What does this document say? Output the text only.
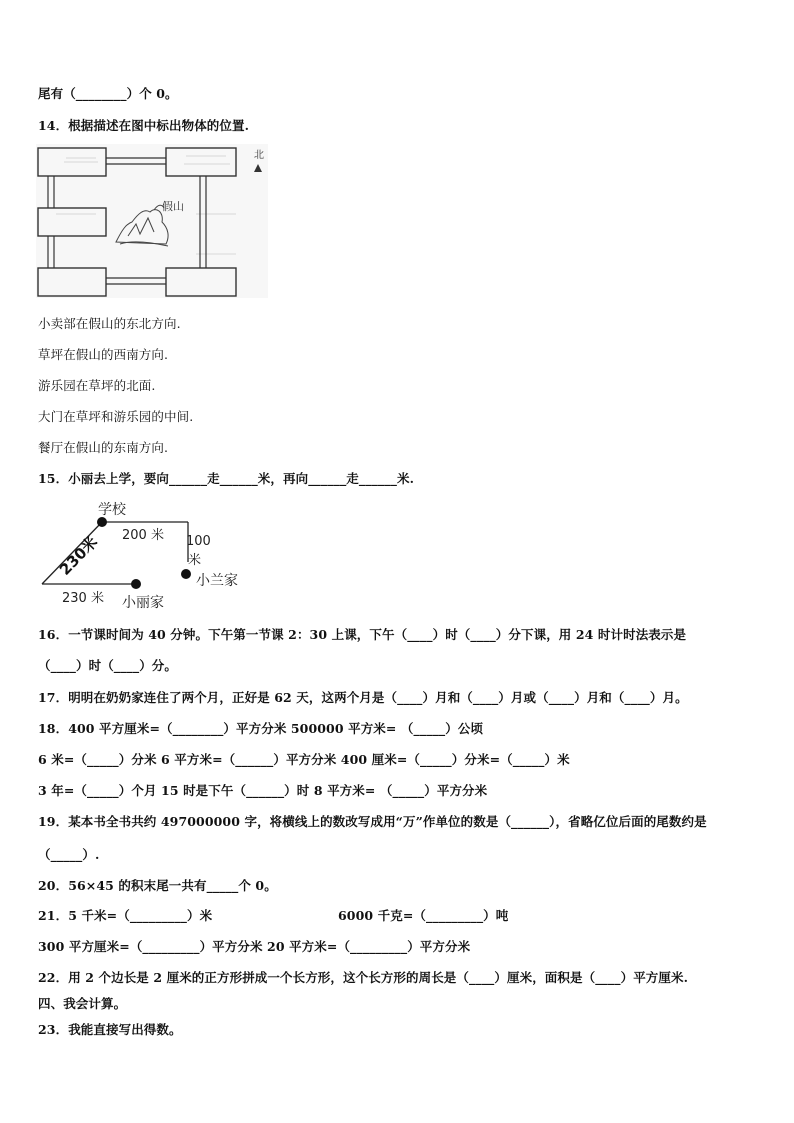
尾有（________）个 0。
14．根据描述在图中标出物体的位置.
假山
北
小卖部在假山的东北方向.
草坪在假山的西南方向.
游乐园在草坪的北面.
大门在草坪和游乐园的中间.
餐厅在假山的东南方向.
15．小丽去上学，要向______走______米，再向______走______米.
学校
200 米 100
米
230米
230 米
小兰家
小丽家
16．一节课时间为 40 分钟。下午第一节课 2：30 上课，下午（____）时（____）分下课，用 24 时计时法表示是
（____）时（____）分。
17．明明在奶奶家连住了两个月，正好是 62 天，这两个月是（____）月和（____）月或（____）月和（____）月。
18．400 平方厘米=（________）平方分米 500000 平方米= （_____）公顷
6 米=（_____）分米 6 平方米=（______）平方分米 400 厘米=（_____）分米=（_____）米
3 年=（_____）个月 15 时是下午（______）时 8 平方米= （_____）平方分米
19．某本书全书共约 497000000 字，将横线上的数改写成用“万”作单位的数是（______），省略亿位后面的尾数约是
（_____）.
20．56×45 的积末尾一共有_____个 0。
21．5 千米=（_________）米	6000 千克=（_________）吨
300 平方厘米=（_________）平方分米 20 平方米=（_________）平方分米
22．用 2 个边长是 2 厘米的正方形拼成一个长方形，这个长方形的周长是（____）厘米，面积是（____）平方厘米.
四、我会计算。
23．我能直接写出得数。
